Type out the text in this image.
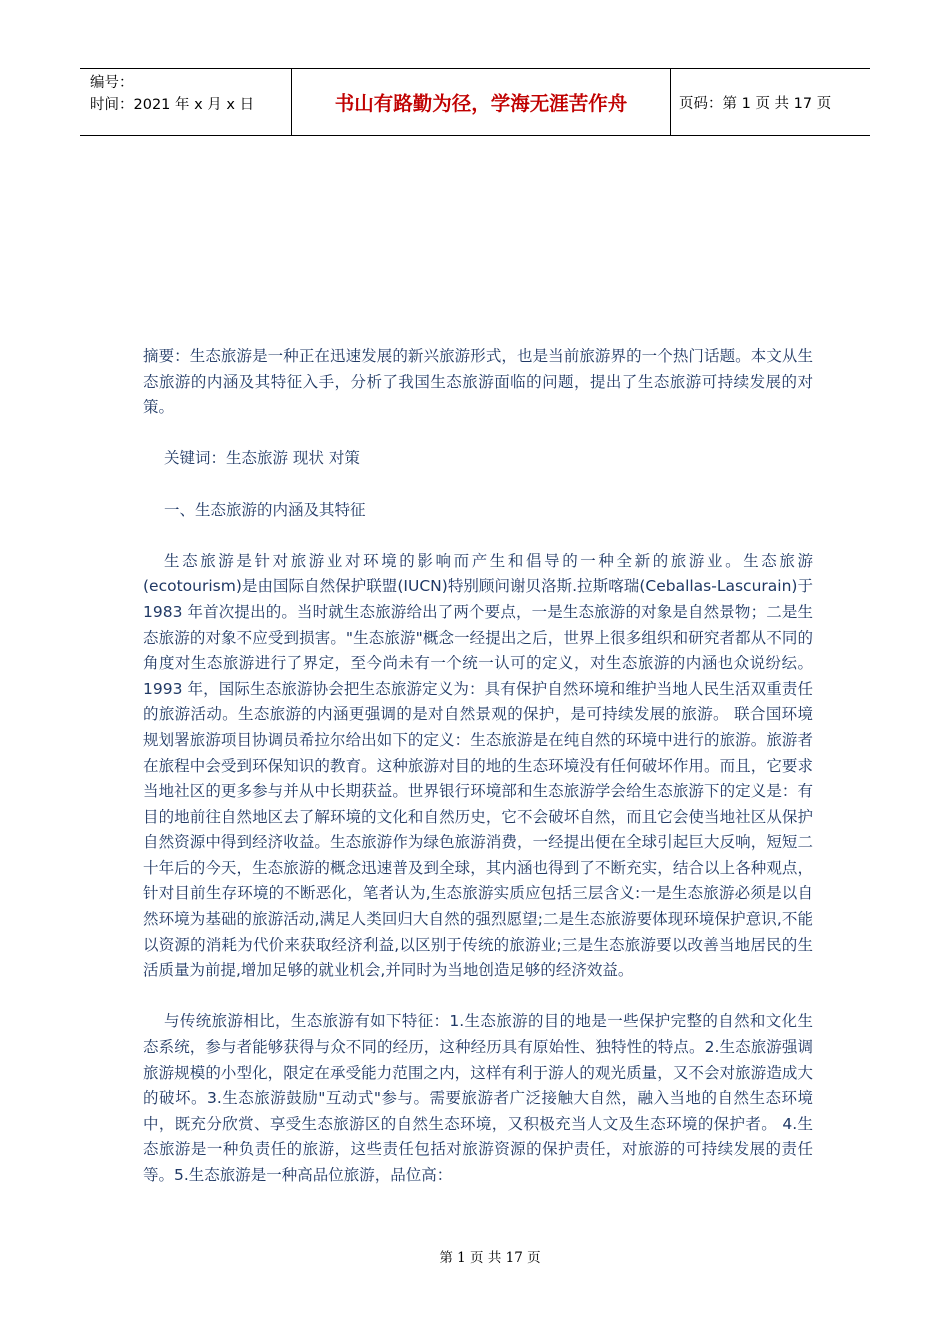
编号：
时间：2021 年 x 月 x 日	书山有路勤为径，学海无涯苦作舟	页码：第 1 页 共 17 页

摘要：生态旅游是一种正在迅速发展的新兴旅游形式，也是当前旅游界的一个热门话题。本文从生态旅游的内涵及其特征入手，分析了我国生态旅游面临的问题，提出了生态旅游可持续发展的对策。

关键词：生态旅游 现状 对策

一、生态旅游的内涵及其特征

生态旅游是针对旅游业对环境的影响而产生和倡导的一种全新的旅游业。生态旅游(ecotourism)是由国际自然保护联盟(IUCN)特别顾问谢贝洛斯.拉斯喀瑞(Ceballas-Lascurain)于 1983 年首次提出的。当时就生态旅游给出了两个要点，一是生态旅游的对象是自然景物；二是生态旅游的对象不应受到损害。"生态旅游"概念一经提出之后，世界上很多组织和研究者都从不同的角度对生态旅游进行了界定，至今尚未有一个统一认可的定义，对生态旅游的内涵也众说纷纭。1993 年，国际生态旅游协会把生态旅游定义为：具有保护自然环境和维护当地人民生活双重责任的旅游活动。生态旅游的内涵更强调的是对自然景观的保护，是可持续发展的旅游。 联合国环境规划署旅游项目协调员希拉尔给出如下的定义：生态旅游是在纯自然的环境中进行的旅游。旅游者在旅程中会受到环保知识的教育。这种旅游对目的地的生态环境没有任何破坏作用。而且，它要求当地社区的更多参与并从中长期获益。世界银行环境部和生态旅游学会给生态旅游下的定义是：有目的地前往自然地区去了解环境的文化和自然历史，它不会破坏自然，而且它会使当地社区从保护自然资源中得到经济收益。生态旅游作为绿色旅游消费，一经提出便在全球引起巨大反响，短短二十年后的今天，生态旅游的概念迅速普及到全球，其内涵也得到了不断充实，结合以上各种观点，针对目前生存环境的不断恶化，笔者认为,生态旅游实质应包括三层含义:一是生态旅游必须是以自然环境为基础的旅游活动,满足人类回归大自然的强烈愿望;二是生态旅游要体现环境保护意识,不能以资源的消耗为代价来获取经济利益,以区别于传统的旅游业;三是生态旅游要以改善当地居民的生活质量为前提,增加足够的就业机会,并同时为当地创造足够的经济效益。

与传统旅游相比，生态旅游有如下特征：1.生态旅游的目的地是一些保护完整的自然和文化生态系统，参与者能够获得与众不同的经历，这种经历具有原始性、独特性的特点。2.生态旅游强调旅游规模的小型化，限定在承受能力范围之内，这样有利于游人的观光质量，又不会对旅游造成大的破坏。3.生态旅游鼓励"互动式"参与。需要旅游者广泛接触大自然，融入当地的自然生态环境中，既充分欣赏、享受生态旅游区的自然生态环境，又积极充当人文及生态环境的保护者。 4.生态旅游是一种负责任的旅游，这些责任包括对旅游资源的保护责任，对旅游的可持续发展的责任等。5.生态旅游是一种高品位旅游，品位高：

第 1 页 共 17 页
